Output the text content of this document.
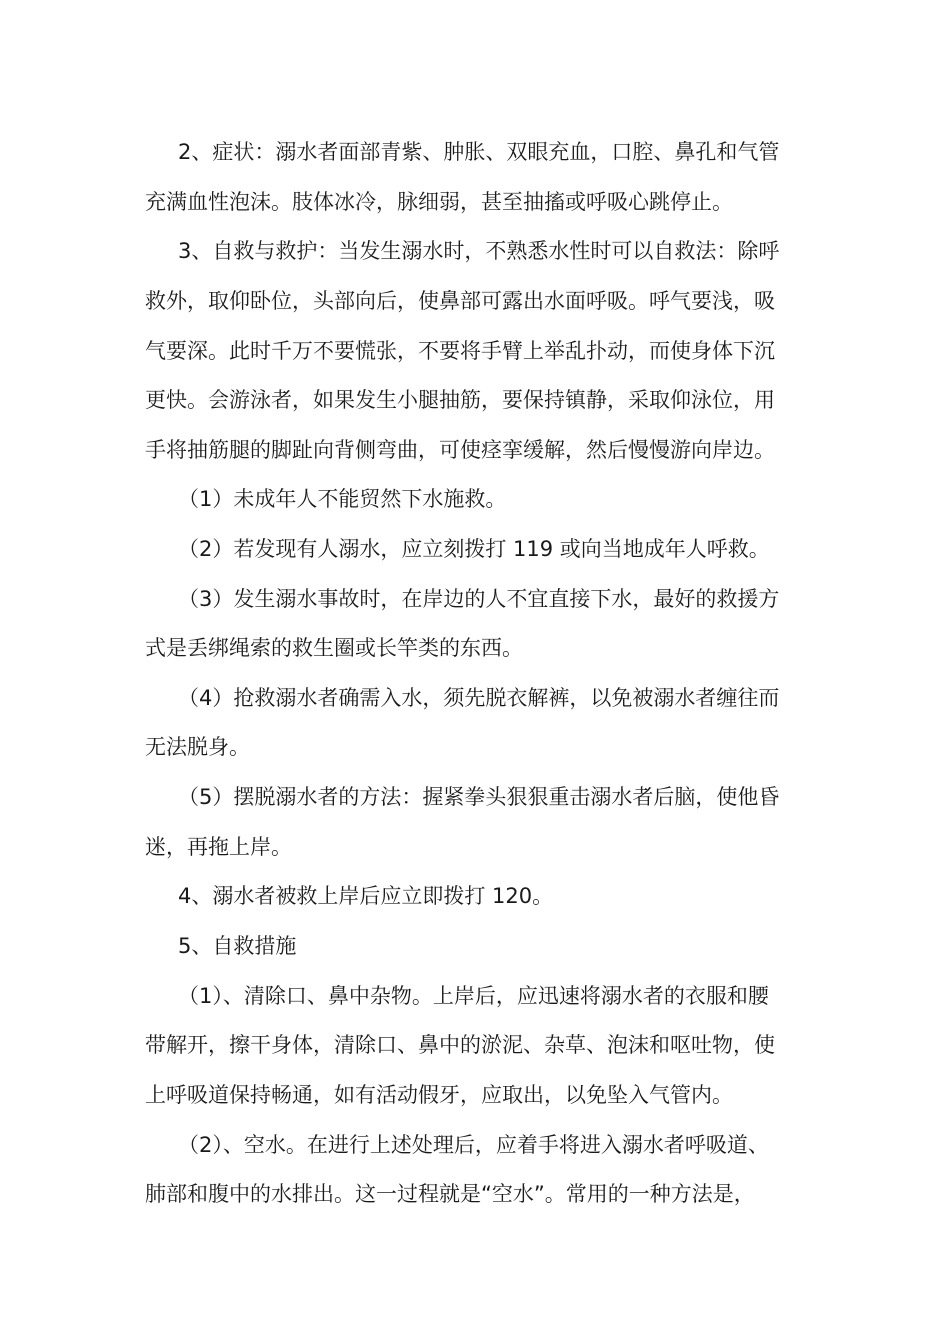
2、症状：溺水者面部青紫、肿胀、双眼充血，口腔、鼻孔和气管
充满血性泡沫。肢体冰冷，脉细弱，甚至抽搐或呼吸心跳停止。
3、自救与救护：当发生溺水时，不熟悉水性时可以自救法：除呼
救外，取仰卧位，头部向后，使鼻部可露出水面呼吸。呼气要浅，吸
气要深。此时千万不要慌张，不要将手臂上举乱扑动，而使身体下沉
更快。会游泳者，如果发生小腿抽筋，要保持镇静，采取仰泳位，用
手将抽筋腿的脚趾向背侧弯曲，可使痉挛缓解，然后慢慢游向岸边。
（1）未成年人不能贸然下水施救。
（2）若发现有人溺水，应立刻拨打 119 或向当地成年人呼救。
（3）发生溺水事故时，在岸边的人不宜直接下水，最好的救援方
式是丢绑绳索的救生圈或长竿类的东西。
（4）抢救溺水者确需入水，须先脱衣解裤，以免被溺水者缠往而
无法脱身。
（5）摆脱溺水者的方法：握紧拳头狠狠重击溺水者后脑，使他昏
迷，再拖上岸。
4、溺水者被救上岸后应立即拨打 120。
5、自救措施
（1）、清除口、鼻中杂物。上岸后，应迅速将溺水者的衣服和腰
带解开，擦干身体，清除口、鼻中的淤泥、杂草、泡沫和呕吐物，使
上呼吸道保持畅通，如有活动假牙，应取出，以免坠入气管内。
（2）、空水。在进行上述处理后，应着手将进入溺水者呼吸道、
肺部和腹中的水排出。这一过程就是“空水”。常用的一种方法是，
